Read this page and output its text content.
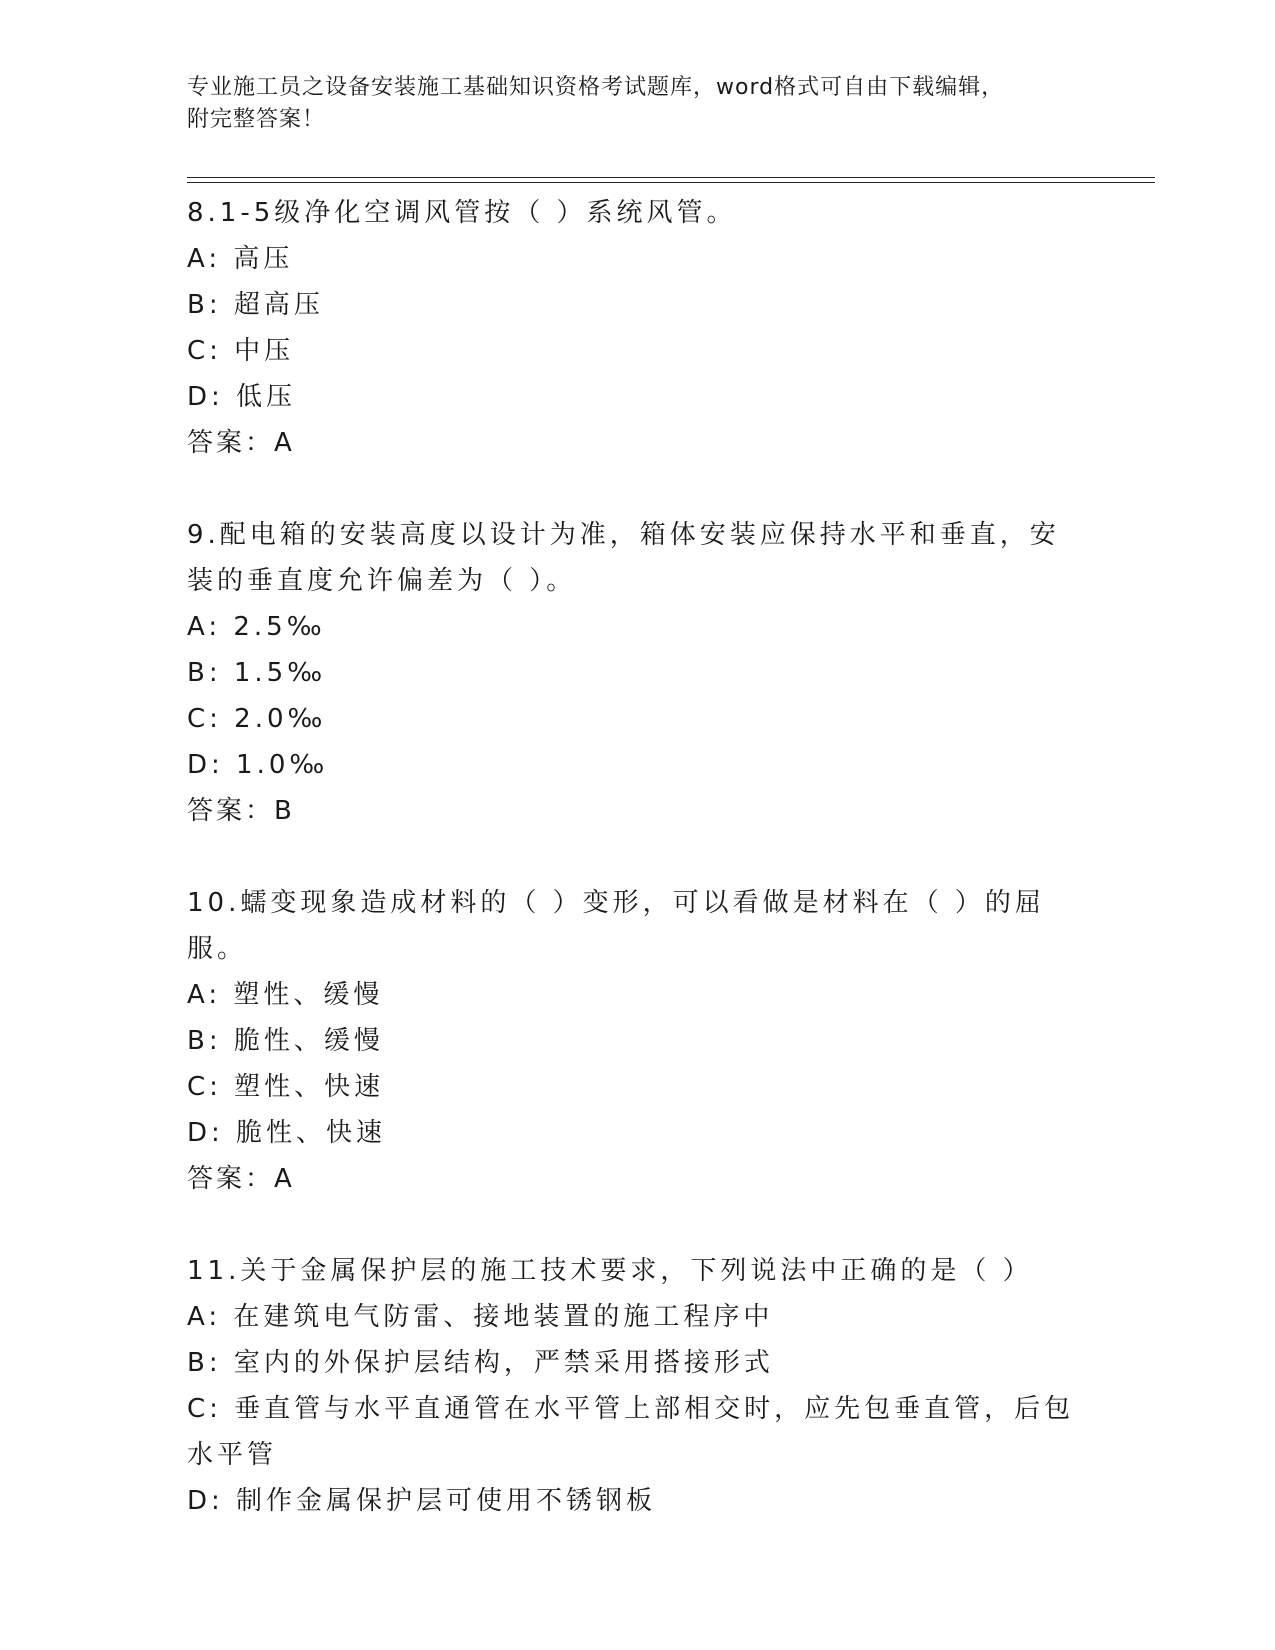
专业施工员之设备安装施工基础知识资格考试题库，word格式可自由下载编辑，
附完整答案！

8.1-5级净化空调风管按（ ）系统风管。

A: 高压

B: 超高压

C: 中压

D: 低压

答案：A

9.配电箱的安装高度以设计为准，箱体安装应保持水平和垂直，安装的垂直度允许偏差为（ ）。

A: 2.5‰

B: 1.5‰

C: 2.0‰

D: 1.0‰

答案：B

10.蠕变现象造成材料的（ ）变形，可以看做是材料在（ ）的屈服。

A: 塑性、缓慢

B: 脆性、缓慢

C: 塑性、快速

D: 脆性、快速

答案：A

11.关于金属保护层的施工技术要求，下列说法中正确的是（ ）

A: 在建筑电气防雷、接地装置的施工程序中

B: 室内的外保护层结构，严禁采用搭接形式

C: 垂直管与水平直通管在水平管上部相交时，应先包垂直管，后包水平管

D: 制作金属保护层可使用不锈钢板
